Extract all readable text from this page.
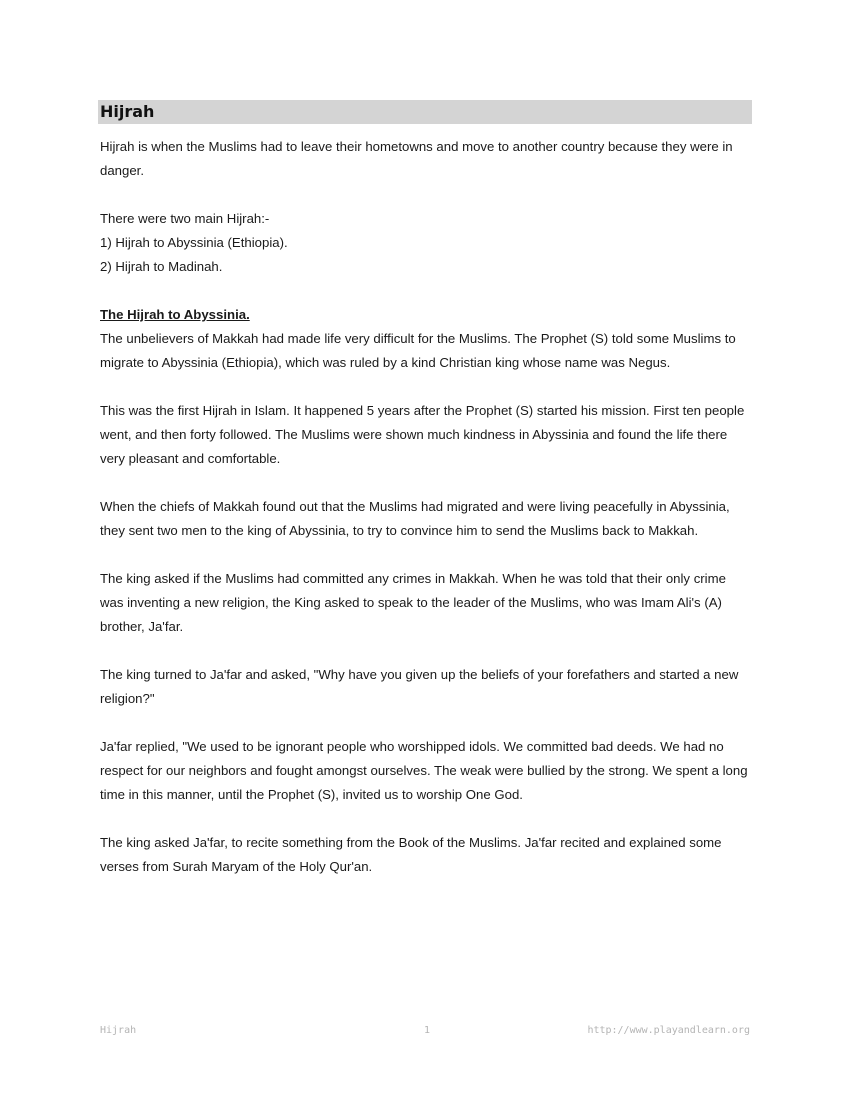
Hijrah

Hijrah is when the Muslims had to leave their hometowns and move to another country because they were in danger.

There were two main Hijrah:-
1) Hijrah to Abyssinia (Ethiopia).
2) Hijrah to Madinah.

The Hijrah to Abyssinia.

The unbelievers of Makkah had made life very difficult for the Muslims. The Prophet (S) told some Muslims to migrate to Abyssinia (Ethiopia), which was ruled by a kind Christian king whose name was Negus.

This was the first Hijrah in Islam. It happened 5 years after the Prophet (S) started his mission. First ten people went, and then forty followed. The Muslims were shown much kindness in Abyssinia and found the life there very pleasant and comfortable.

When the chiefs of Makkah found out that the Muslims had migrated and were living peacefully in Abyssinia, they sent two men to the king of Abyssinia, to try to convince him to send the Muslims back to Makkah.

The king asked if the Muslims had committed any crimes in Makkah. When he was told that their only crime was inventing a new religion, the King asked to speak to the leader of the Muslims, who was Imam Ali's (A) brother, Ja'far.

The king turned to Ja'far and asked, "Why have you given up the beliefs of your forefathers and started a new religion?"

Ja'far replied, "We used to be ignorant people who worshipped idols. We committed bad deeds. We had no respect for our neighbors and fought amongst ourselves. The weak were bullied by the strong. We spent a long time in this manner, until the Prophet (S), invited us to worship One God.

The king asked Ja'far, to recite something from the Book of the Muslims. Ja'far recited and explained some verses from Surah Maryam of the Holy Qur'an.

Hijrah	1	http://www.playandlearn.org
